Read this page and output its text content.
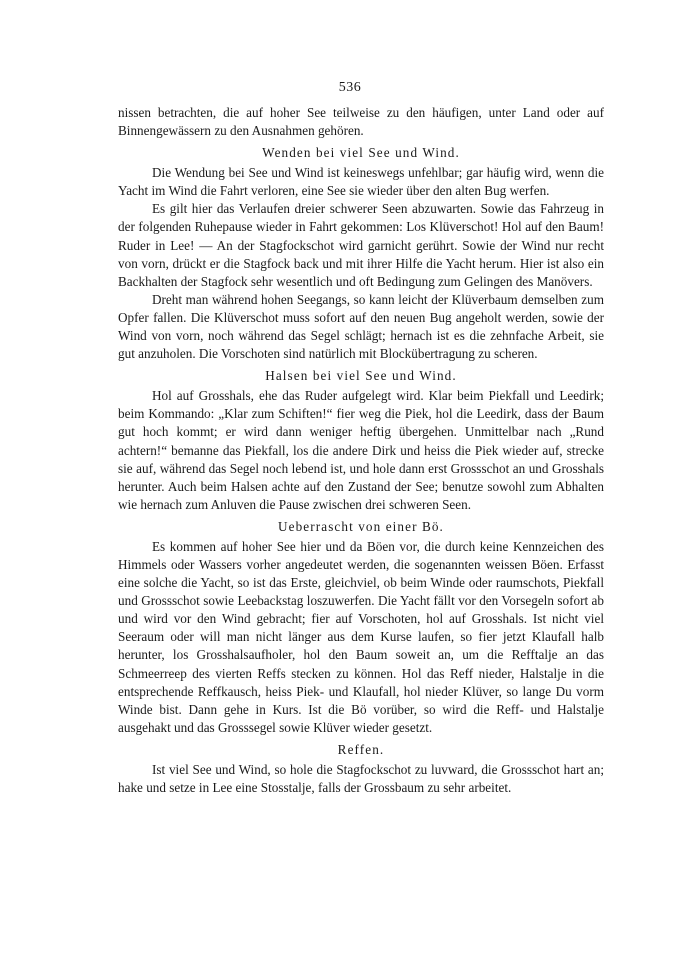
536

nissen betrachten, die auf hoher See teilweise zu den häufigen, unter Land oder auf Binnengewässern zu den Ausnahmen gehören.

Wenden bei viel See und Wind.

Die Wendung bei See und Wind ist keineswegs unfehlbar; gar häufig wird, wenn die Yacht im Wind die Fahrt verloren, eine See sie wieder über den alten Bug werfen.

Es gilt hier das Verlaufen dreier schwerer Seen abzuwarten. Sowie das Fahrzeug in der folgenden Ruhepause wieder in Fahrt gekommen: Los Klüverschot! Hol auf den Baum! Ruder in Lee! — An der Stagfockschot wird garnicht gerührt. Sowie der Wind nur recht von vorn, drückt er die Stagfock back und mit ihrer Hilfe die Yacht herum. Hier ist also ein Backhalten der Stagfock sehr wesentlich und oft Bedingung zum Gelingen des Manövers.

Dreht man während hohen Seegangs, so kann leicht der Klüverbaum demselben zum Opfer fallen. Die Klüverschot muss sofort auf den neuen Bug angeholt werden, sowie der Wind von vorn, noch während das Segel schlägt; hernach ist es die zehnfache Arbeit, sie gut anzuholen. Die Vorschoten sind natürlich mit Blockübertragung zu scheren.

Halsen bei viel See und Wind.

Hol auf Grosshals, ehe das Ruder aufgelegt wird. Klar beim Piekfall und Leedirk; beim Kommando: „Klar zum Schiften!“ fier weg die Piek, hol die Leedirk, dass der Baum gut hoch kommt; er wird dann weniger heftig übergehen. Unmittelbar nach „Rund achtern!“ bemanne das Piekfall, los die andere Dirk und heiss die Piek wieder auf, strecke sie auf, während das Segel noch lebend ist, und hole dann erst Grossschot an und Grosshals herunter. Auch beim Halsen achte auf den Zustand der See; benutze sowohl zum Abhalten wie hernach zum Anluven die Pause zwischen drei schweren Seen.

Ueberrascht von einer Bö.

Es kommen auf hoher See hier und da Böen vor, die durch keine Kennzeichen des Himmels oder Wassers vorher angedeutet werden, die sogenannten weissen Böen. Erfasst eine solche die Yacht, so ist das Erste, gleichviel, ob beim Winde oder raumschots, Piekfall und Grossschot sowie Leebackstag loszuwerfen. Die Yacht fällt vor den Vorsegeln sofort ab und wird vor den Wind gebracht; fier auf Vorschoten, hol auf Grosshals. Ist nicht viel Seeraum oder will man nicht länger aus dem Kurse laufen, so fier jetzt Klaufall halb herunter, los Grosshalsaufholer, hol den Baum soweit an, um die Refftalje an das Schmeerreep des vierten Reffs stecken zu können. Hol das Reff nieder, Halstalje in die entsprechende Reffkausch, heiss Piek- und Klaufall, hol nieder Klüver, so lange Du vorm Winde bist. Dann gehe in Kurs. Ist die Bö vorüber, so wird die Reff- und Halstalje ausgehakt und das Grosssegel sowie Klüver wieder gesetzt.

Reffen.

Ist viel See und Wind, so hole die Stagfockschot zu luvward, die Grossschot hart an; hake und setze in Lee eine Stosstalje, falls der Grossbaum zu sehr arbeitet.
